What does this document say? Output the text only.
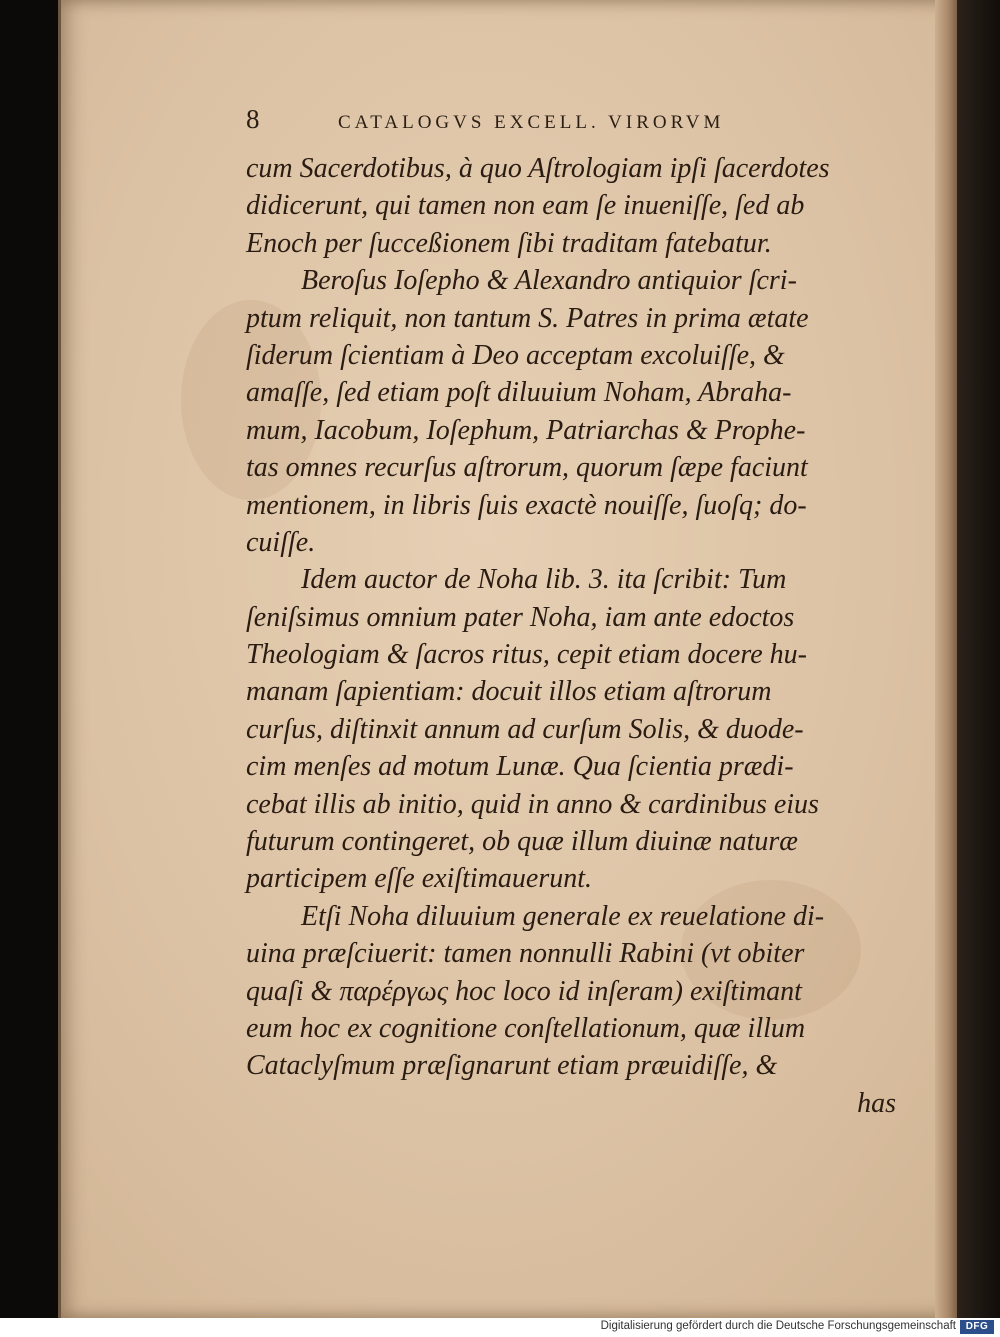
8	CATALOGVS EXCELL. VIRORVM
cum Sacerdotibus, à quo Aſtrologiam ipſi ſacerdotes
didicerunt, qui tamen non eam ſe inueniſſe, ſed ab
Enoch per ſucceßionem ſibi traditam fatebatur.
Beroſus Ioſepho & Alexandro antiquior ſcri-
ptum reliquit, non tantum S. Patres in prima ætate
ſiderum ſcientiam à Deo acceptam excoluiſſe, &
amaſſe, ſed etiam poſt diluuium Noham, Abraha-
mum, Iacobum, Ioſephum, Patriarchas & Prophe-
tas omnes recurſus aſtrorum, quorum ſæpe faciunt
mentionem, in libris ſuis exactè nouiſſe, ſuoſq; do-
cuiſſe.
Idem auctor de Noha lib. 3. ita ſcribit: Tum
ſeniſsimus omnium pater Noha, iam ante edoctos
Theologiam & ſacros ritus, cepit etiam docere hu-
manam ſapientiam: docuit illos etiam aſtrorum
curſus, diſtinxit annum ad curſum Solis, & duode-
cim menſes ad motum Lunæ. Qua ſcientia prædi-
cebat illis ab initio, quid in anno & cardinibus eius
futurum contingeret, ob quæ illum diuinæ naturæ
participem eſſe exiſtimauerunt.
Etſi Noha diluuium generale ex reuelatione di-
uina præſciuerit: tamen nonnulli Rabini (vt obiter
quaſi & παρέργως hoc loco id inſeram) exiſtimant
eum hoc ex cognitione conſtellationum, quæ illum
Cataclyſmum præſignarunt etiam præuidiſſe, &
has
Digitalisierung gefördert durch die Deutsche Forschungsgemeinschaft DFG
